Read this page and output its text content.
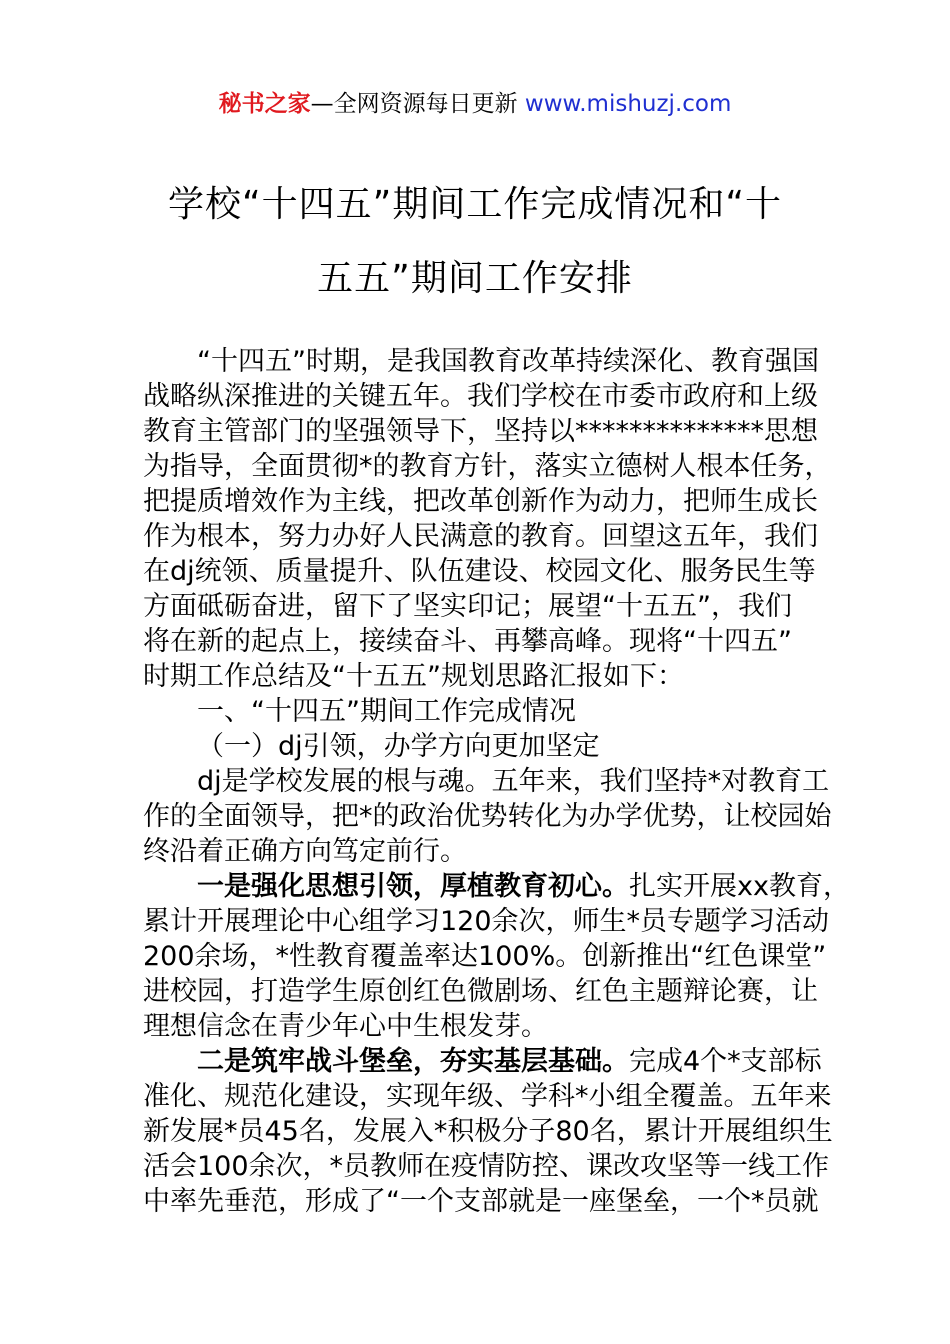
秘书之家—全网资源每日更新 www.mishuzj.com
学校“十四五”期间工作完成情况和“十
五五”期间工作安排
“十四五”时期，是我国教育改革持续深化、教育强国
战略纵深推进的关键五年。我们学校在市委市政府和上级
教育主管部门的坚强领导下，坚持以**************思想
为指导，全面贯彻*的教育方针，落实立德树人根本任务，
把提质增效作为主线，把改革创新作为动力，把师生成长
作为根本，努力办好人民满意的教育。回望这五年，我们
在dj统领、质量提升、队伍建设、校园文化、服务民生等
方面砥砺奋进，留下了坚实印记；展望“十五五”，我们
将在新的起点上，接续奋斗、再攀高峰。现将“十四五”
时期工作总结及“十五五”规划思路汇报如下：
一、“十四五”期间工作完成情况
（一）dj引领，办学方向更加坚定
dj是学校发展的根与魂。五年来，我们坚持*对教育工
作的全面领导，把*的政治优势转化为办学优势，让校园始
终沿着正确方向笃定前行。
一是强化思想引领，厚植教育初心。扎实开展xx教育，
累计开展理论中心组学习120余次，师生*员专题学习活动
200余场，*性教育覆盖率达100%。创新推出“红色课堂”
进校园，打造学生原创红色微剧场、红色主题辩论赛，让
理想信念在青少年心中生根发芽。
二是筑牢战斗堡垒，夯实基层基础。完成4个*支部标
准化、规范化建设，实现年级、学科*小组全覆盖。五年来
新发展*员45名，发展入*积极分子80名，累计开展组织生
活会100余次，*员教师在疫情防控、课改攻坚等一线工作
中率先垂范，形成了“一个支部就是一座堡垒，一个*员就
